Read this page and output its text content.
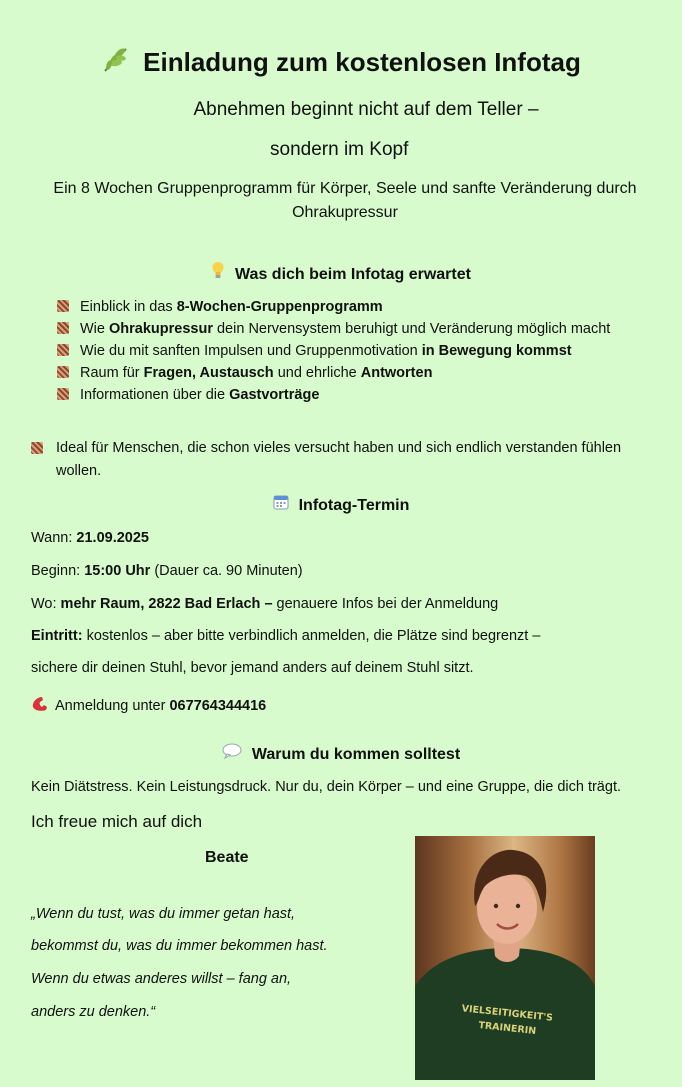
Einladung zum kostenlosen Infotag
Abnehmen beginnt nicht auf dem Teller –
sondern im Kopf
Ein 8 Wochen Gruppenprogramm für Körper, Seele und sanfte Veränderung durch Ohrakupressur
Was dich beim Infotag erwartet
Einblick in das 8-Wochen-Gruppenprogramm
Wie Ohrakupressur dein Nervensystem beruhigt und Veränderung möglich macht
Wie du mit sanften Impulsen und Gruppenmotivation in Bewegung kommst
Raum für Fragen, Austausch und ehrliche Antworten
Informationen über die Gastvorträge
Ideal für Menschen, die schon vieles versucht haben und sich endlich verstanden fühlen wollen.
Infotag-Termin
Wann: 21.09.2025
Beginn: 15:00 Uhr (Dauer ca. 90 Minuten)
Wo: mehr Raum, 2822 Bad Erlach – genauere Infos bei der Anmeldung
Eintritt: kostenlos – aber bitte verbindlich anmelden, die Plätze sind begrenzt –
sichere dir deinen Stuhl, bevor jemand anders auf deinem Stuhl sitzt.
Anmeldung unter 067764344416
Warum du kommen solltest
Kein Diätstress. Kein Leistungsdruck. Nur du, dein Körper – und eine Gruppe, die dich trägt.
Ich freue mich auf dich
Beate
„Wenn du tust, was du immer getan hast,
bekommst du, was du immer bekommen hast.
Wenn du etwas anderes willst – fang an,
anders zu denken.“	VIELSEITIGKEIT'S
TRAINERIN
